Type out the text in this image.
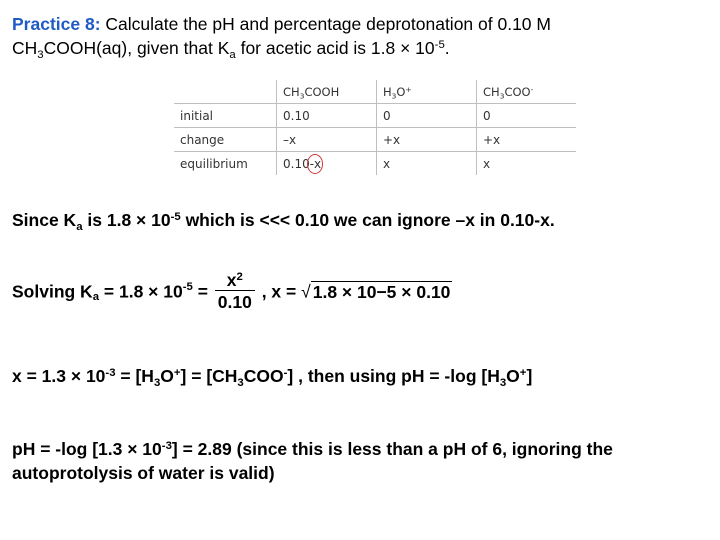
Practice 8: Calculate the pH and percentage deprotonation of 0.10 M
$CH_3COOH(aq)$, given that $K_a$ for acetic acid is $1.8 \times 10^{-5}$.
	$CH_3COOH$	$H_3O^+$	$CH_3COO^-$
initial	0.10	0	0
change	–x	+x	+x
equilibrium	0.10-x	x	x
Since $K_a$ is $1.8 \times 10^{-5}$ which is <<< 0.10 we can ignore –x in 0.10-x.
Solving $K_a = 1.8 \times 10^{-5} = \frac{x^2}{0.10}$ , x = √ 1.8 × 10−5 × 0.10
$x = 1.3 \times 10^{-3} = [H_3O^+] = [CH_3COO^-]$ , then using pH = -log $[H_3O^+]$
pH = -log $[1.3 \times 10^{-3}] = 2.89$ (since this is less than a pH of 6, ignoring the autoprotolysis of water is valid)
